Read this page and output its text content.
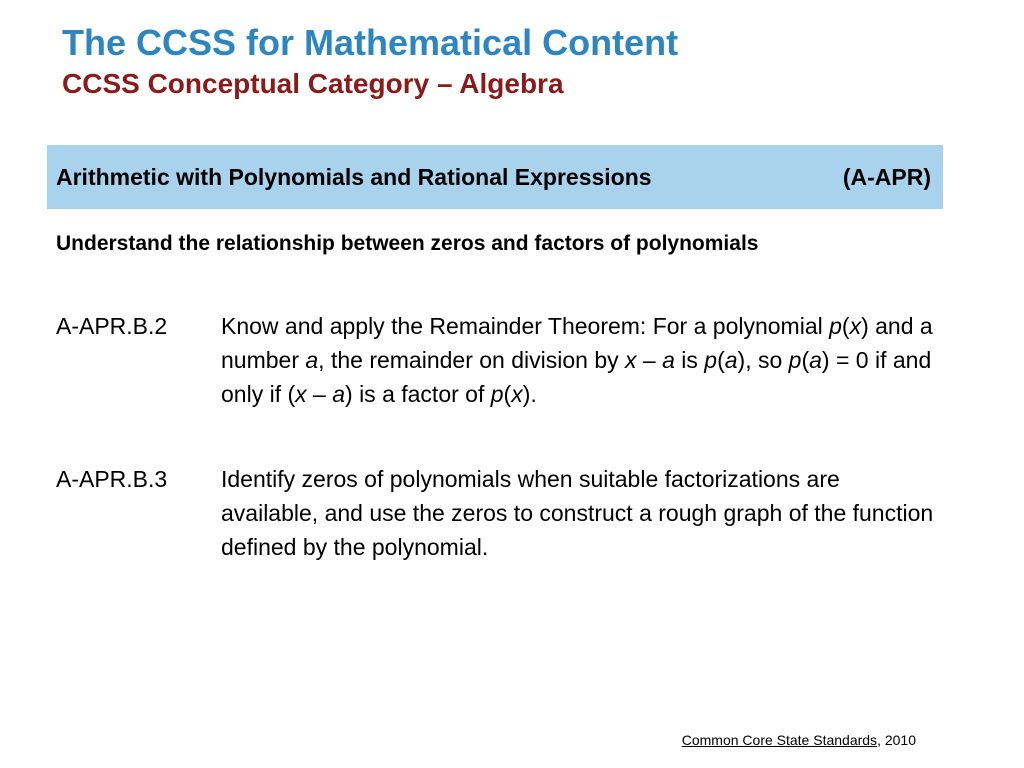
The CCSS for Mathematical Content
CCSS Conceptual Category – Algebra
Arithmetic with Polynomials and Rational Expressions	(A-APR)

Understand the relationship between zeros and factors of polynomials

A-APR.B.2 Know and apply the Remainder Theorem: For a polynomial p(x) and a number a, the remainder on division by x – a is p(a), so p(a) = 0 if and only if (x – a) is a factor of p(x).
A-APR.B.3 Identify zeros of polynomials when suitable factorizations are available, and use the zeros to construct a rough graph of the function defined by the polynomial.
Common Core State Standards, 2010
